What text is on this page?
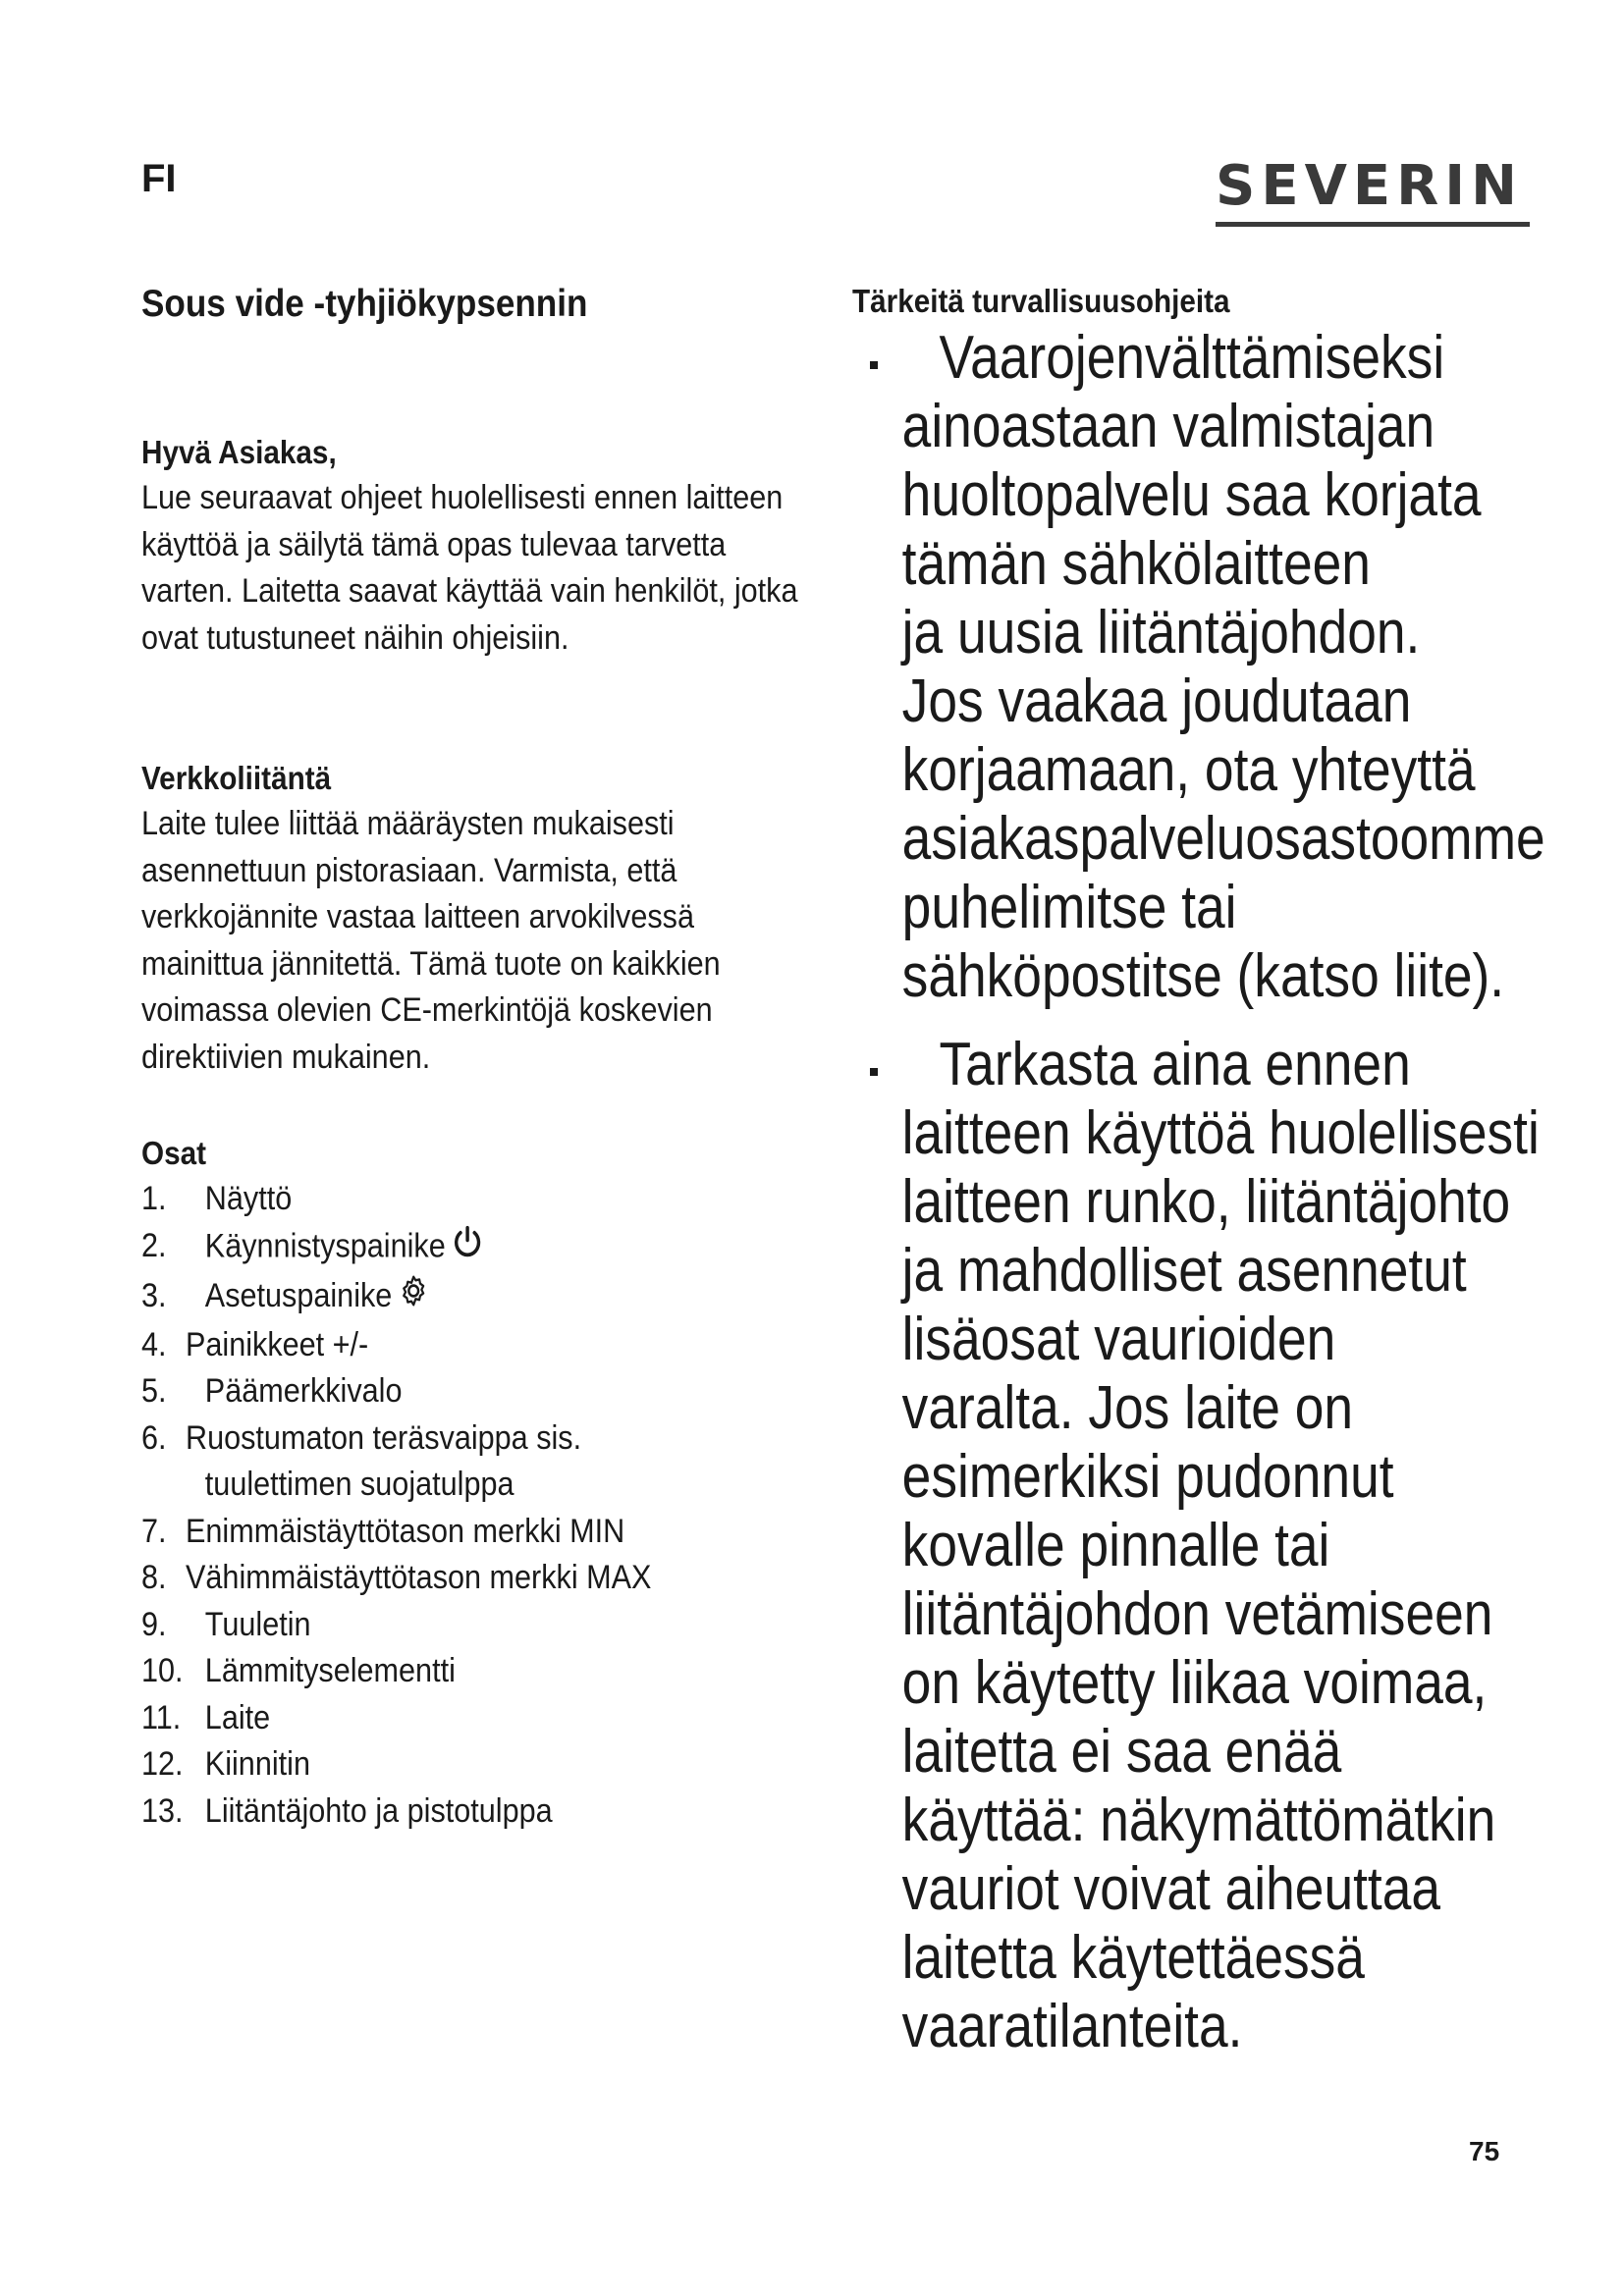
FI	SEVERIN
Sous vide -tyhjiökypsennin
Hyvä Asiakas,

Lue seuraavat ohjeet huolellisesti ennen laitteen käyttöä ja säilytä tämä opas tulevaa tarvetta varten. Laitetta saavat käyttää vain henkilöt, jotka ovat tutustuneet näihin ohjeisiin.

Verkkoliitäntä

Laite tulee liittää määräysten mukaisesti asennettuun pistorasiaan. Varmista, että verkkojännite vastaa laitteen arvokilvessä mainittua jännitettä. Tämä tuote on kaikkien voimassa olevien CE-merkintöjä koskevien direktiivien mukainen.

Osat
1. Näyttö
2. Käynnistyspainike
3. Asetuspainike
4. Painikkeet +/-
5. Päämerkkivalo
6. Ruostumaton teräsvaippa sis.
tuulettimen suojatulppa
7. Enimmäistäyttötason merkki MIN
8. Vähimmäistäyttötason merkki MAX
9. Tuuletin
10. Lämmityselementti
11. Laite
12. Kiinnitin
13. Liitäntäjohto ja pistotulppa
Tärkeitä turvallisuusohjeita

Vaarojenvälttämiseksi
ainoastaan valmistajan
huoltopalvelu saa korjata
tämän sähkölaitteen
ja uusia liitäntäjohdon.
Jos vaakaa joudutaan
korjaamaan, ota yhteyttä
asiakaspalveluosastoomme
puhelimitse tai
sähköpostitse (katso liite).

Tarkasta aina ennen
laitteen käyttöä huolellisesti
laitteen runko, liitäntäjohto
ja mahdolliset asennetut
lisäosat vaurioiden
varalta. Jos laite on
esimerkiksi pudonnut
kovalle pinnalle tai
liitäntäjohdon vetämiseen
on käytetty liikaa voimaa,
laitetta ei saa enää
käyttää: näkymättömätkin
vauriot voivat aiheuttaa
laitetta käytettäessä
vaaratilanteita.

75
